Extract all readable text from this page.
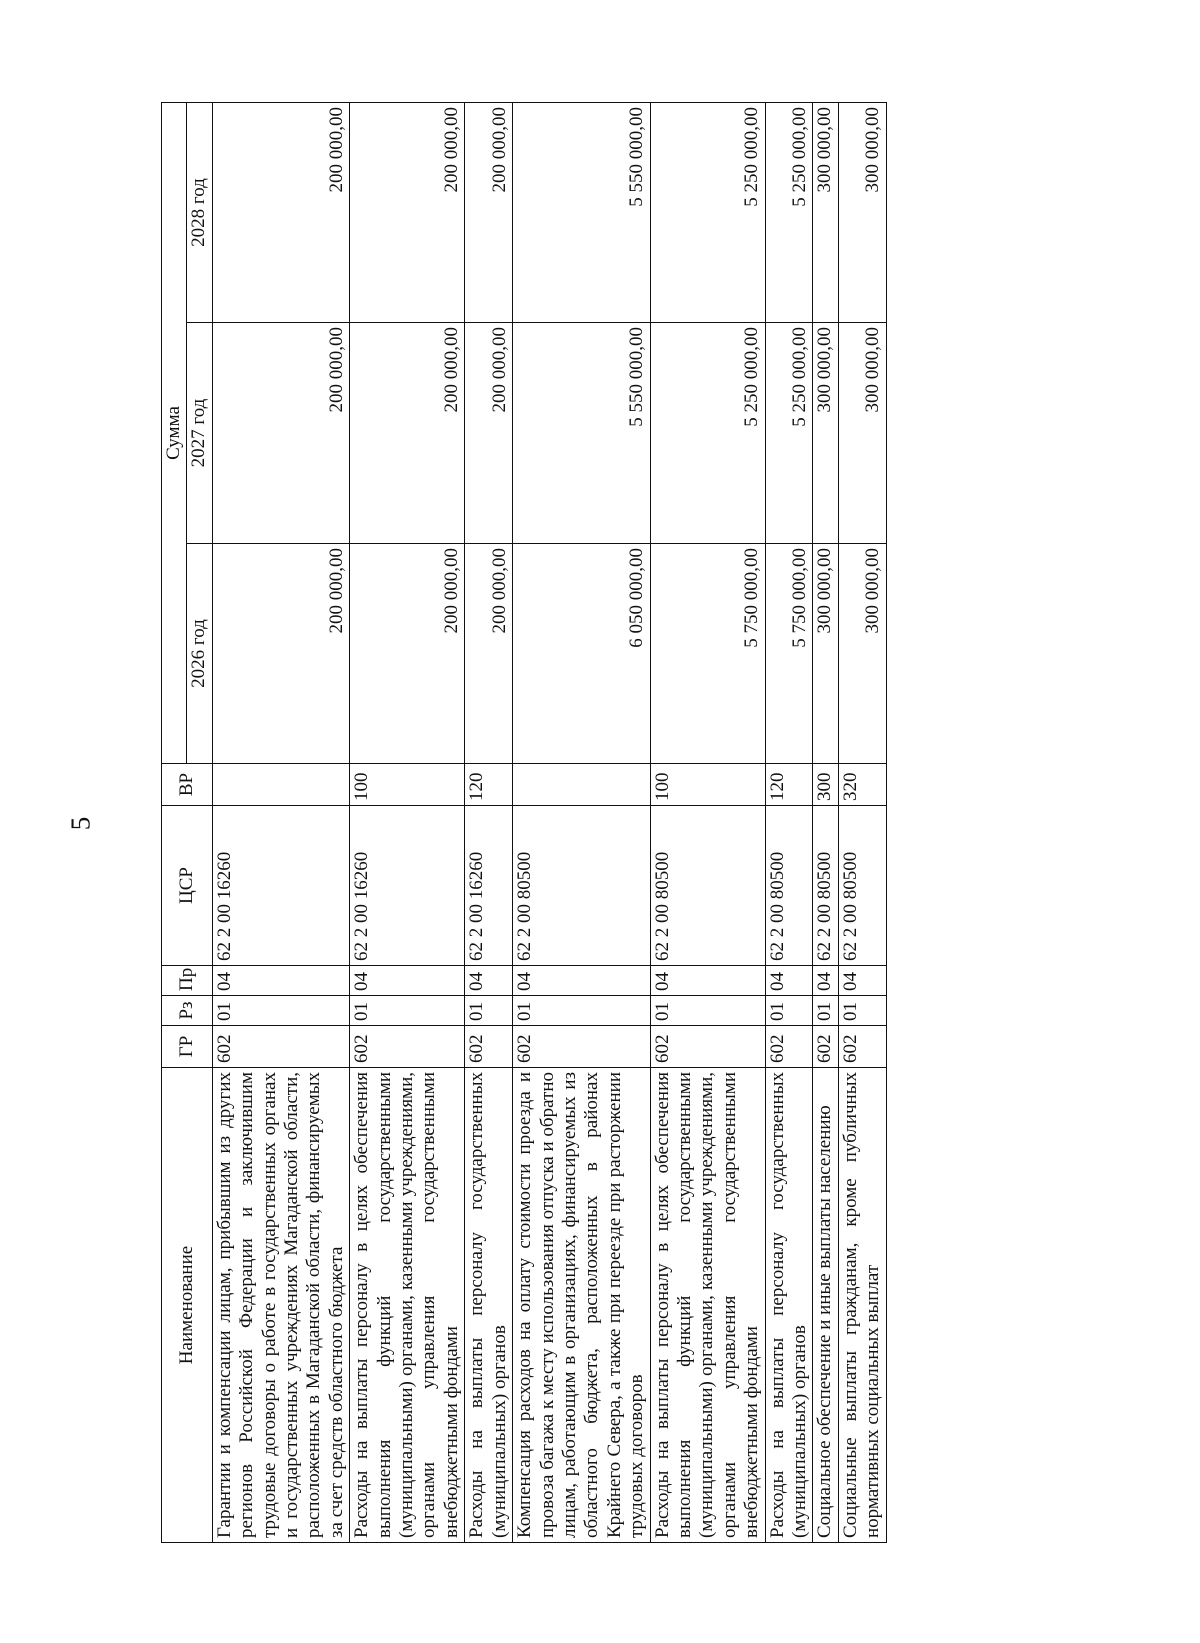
5
Наименование	ГР	Рз	Пр	ЦСР	ВР	Сумма		
						2026 год	2027 год	2028 год
Гарантии и компенсации лицам, прибывшим из других регионов Российской Федерации и заключившим трудовые договоры о работе в государственных органах и государственных учреждениях Магаданской области, расположенных в Магаданской области, финансируемых за счет средств областного бюджета	602	01	04	62 2 00 16260		200 000,00	200 000,00	200 000,00
Расходы на выплаты персоналу в целях обеспечения выполнения функций государственными (муниципальными) органами, казенными учреждениями, органами управления государственными внебюджетными фондами	602	01	04	62 2 00 16260	100	200 000,00	200 000,00	200 000,00
Расходы на выплаты персоналу государственных (муниципальных) органов	602	01	04	62 2 00 16260	120	200 000,00	200 000,00	200 000,00
Компенсация расходов на оплату стоимости проезда и провоза багажа к месту использования отпуска и обратно лицам, работающим в организациях, финансируемых из областного бюджета, расположенных в районах Крайнего Севера, а также при переезде при расторжении трудовых договоров	602	01	04	62 2 00 80500		6 050 000,00	5 550 000,00	5 550 000,00
Расходы на выплаты персоналу в целях обеспечения выполнения функций государственными (муниципальными) органами, казенными учреждениями, органами управления государственными внебюджетными фондами	602	01	04	62 2 00 80500	100	5 750 000,00	5 250 000,00	5 250 000,00
Расходы на выплаты персоналу государственных (муниципальных) органов	602	01	04	62 2 00 80500	120	5 750 000,00	5 250 000,00	5 250 000,00
Социальное обеспечение и иные выплаты населению	602	01	04	62 2 00 80500	300	300 000,00	300 000,00	300 000,00
Социальные выплаты гражданам, кроме публичных нормативных социальных выплат	602	01	04	62 2 00 80500	320	300 000,00	300 000,00	300 000,00
